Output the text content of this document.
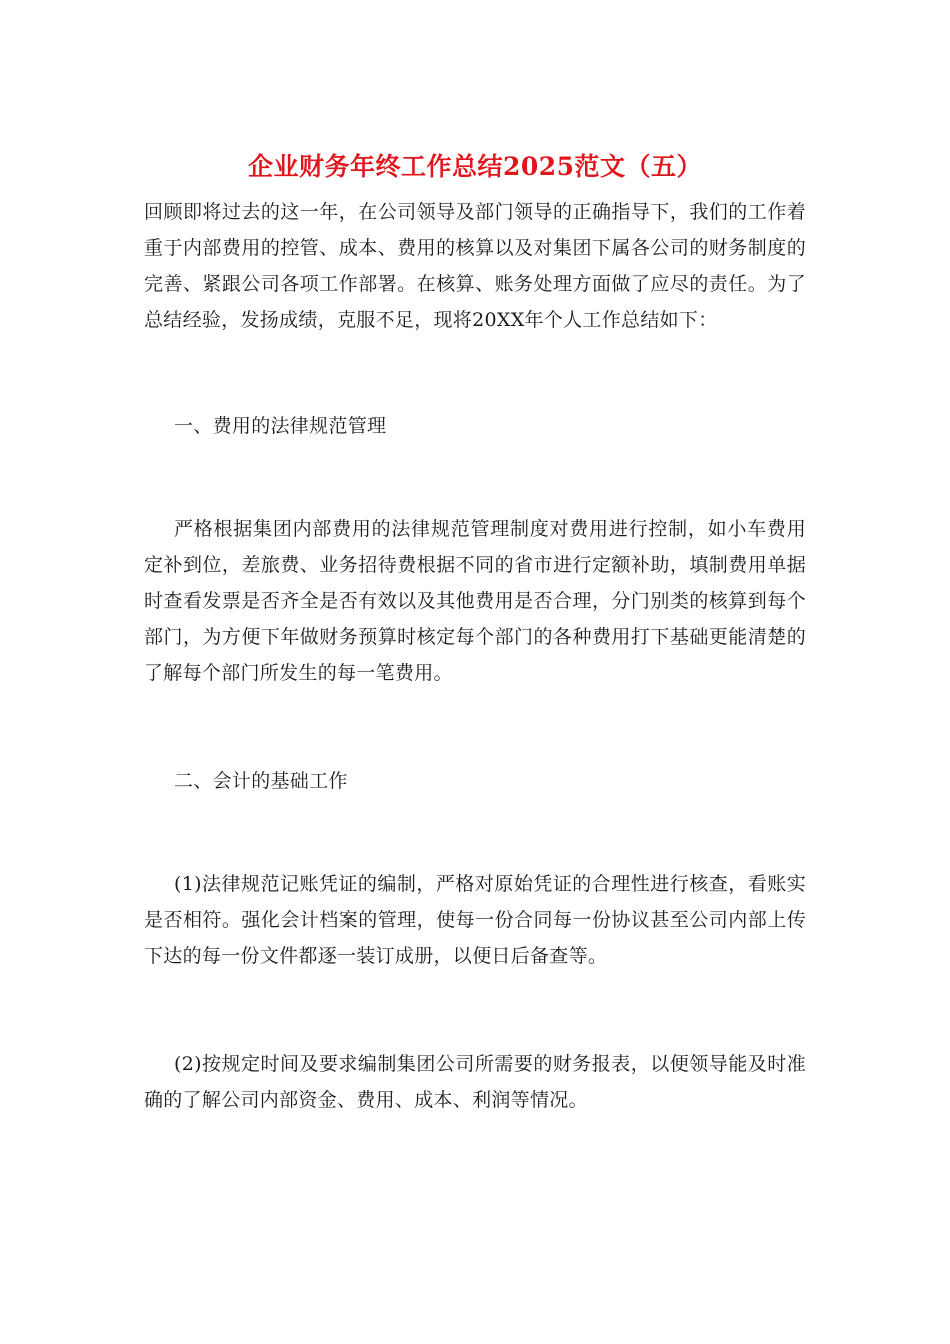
企业财务年终工作总结2025范文（五）

回顾即将过去的这一年，在公司领导及部门领导的正确指导下，我们的工作着重于内部费用的控管、成本、费用的核算以及对集团下属各公司的财务制度的完善、紧跟公司各项工作部署。在核算、账务处理方面做了应尽的责任。为了总结经验，发扬成绩，克服不足，现将20XX年个人工作总结如下：

一、费用的法律规范管理

严格根据集团内部费用的法律规范管理制度对费用进行控制，如小车费用定补到位，差旅费、业务招待费根据不同的省市进行定额补助，填制费用单据时查看发票是否齐全是否有效以及其他费用是否合理，分门别类的核算到每个部门，为方便下年做财务预算时核定每个部门的各种费用打下基础更能清楚的了解每个部门所发生的每一笔费用。

二、会计的基础工作

(1)法律规范记账凭证的编制，严格对原始凭证的合理性进行核查，看账实是否相符。强化会计档案的管理，使每一份合同每一份协议甚至公司内部上传下达的每一份文件都逐一装订成册，以便日后备查等。

(2)按规定时间及要求编制集团公司所需要的财务报表，以便领导能及时准确的了解公司内部资金、费用、成本、利润等情况。
